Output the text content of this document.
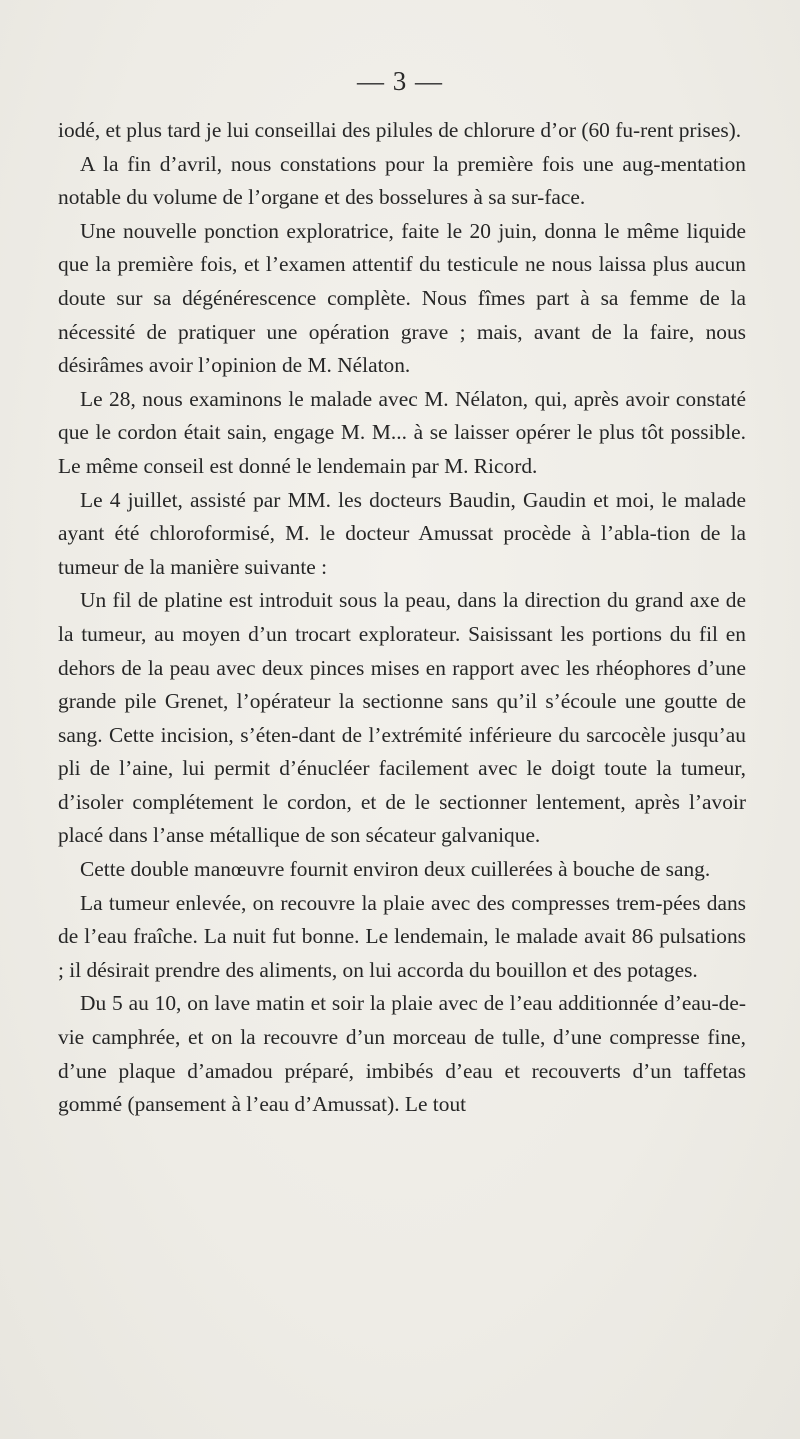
— 3 —

iodé, et plus tard je lui conseillai des pilules de chlorure d’or (60 fu-rent prises).

A la fin d’avril, nous constations pour la première fois une aug-mentation notable du volume de l’organe et des bosselures à sa sur-face.

Une nouvelle ponction exploratrice, faite le 20 juin, donna le même liquide que la première fois, et l’examen attentif du testicule ne nous laissa plus aucun doute sur sa dégénérescence complète. Nous fîmes part à sa femme de la nécessité de pratiquer une opération grave ; mais, avant de la faire, nous désirâmes avoir l’opinion de M. Nélaton.

Le 28, nous examinons le malade avec M. Nélaton, qui, après avoir constaté que le cordon était sain, engage M. M... à se laisser opérer le plus tôt possible. Le même conseil est donné le lendemain par M. Ricord.

Le 4 juillet, assisté par MM. les docteurs Baudin, Gaudin et moi, le malade ayant été chloroformisé, M. le docteur Amussat procède à l’abla-tion de la tumeur de la manière suivante :

Un fil de platine est introduit sous la peau, dans la direction du grand axe de la tumeur, au moyen d’un trocart explorateur. Saisissant les portions du fil en dehors de la peau avec deux pinces mises en rapport avec les rhéophores d’une grande pile Grenet, l’opérateur la sectionne sans qu’il s’écoule une goutte de sang. Cette incision, s’éten-dant de l’extrémité inférieure du sarcocèle jusqu’au pli de l’aine, lui permit d’énucléer facilement avec le doigt toute la tumeur, d’isoler complétement le cordon, et de le sectionner lentement, après l’avoir placé dans l’anse métallique de son sécateur galvanique.

Cette double manœuvre fournit environ deux cuillerées à bouche de sang.

La tumeur enlevée, on recouvre la plaie avec des compresses trem-pées dans de l’eau fraîche. La nuit fut bonne. Le lendemain, le malade avait 86 pulsations ; il désirait prendre des aliments, on lui accorda du bouillon et des potages.

Du 5 au 10, on lave matin et soir la plaie avec de l’eau additionnée d’eau-de-vie camphrée, et on la recouvre d’un morceau de tulle, d’une compresse fine, d’une plaque d’amadou préparé, imbibés d’eau et recouverts d’un taffetas gommé (pansement à l’eau d’Amussat). Le tout
